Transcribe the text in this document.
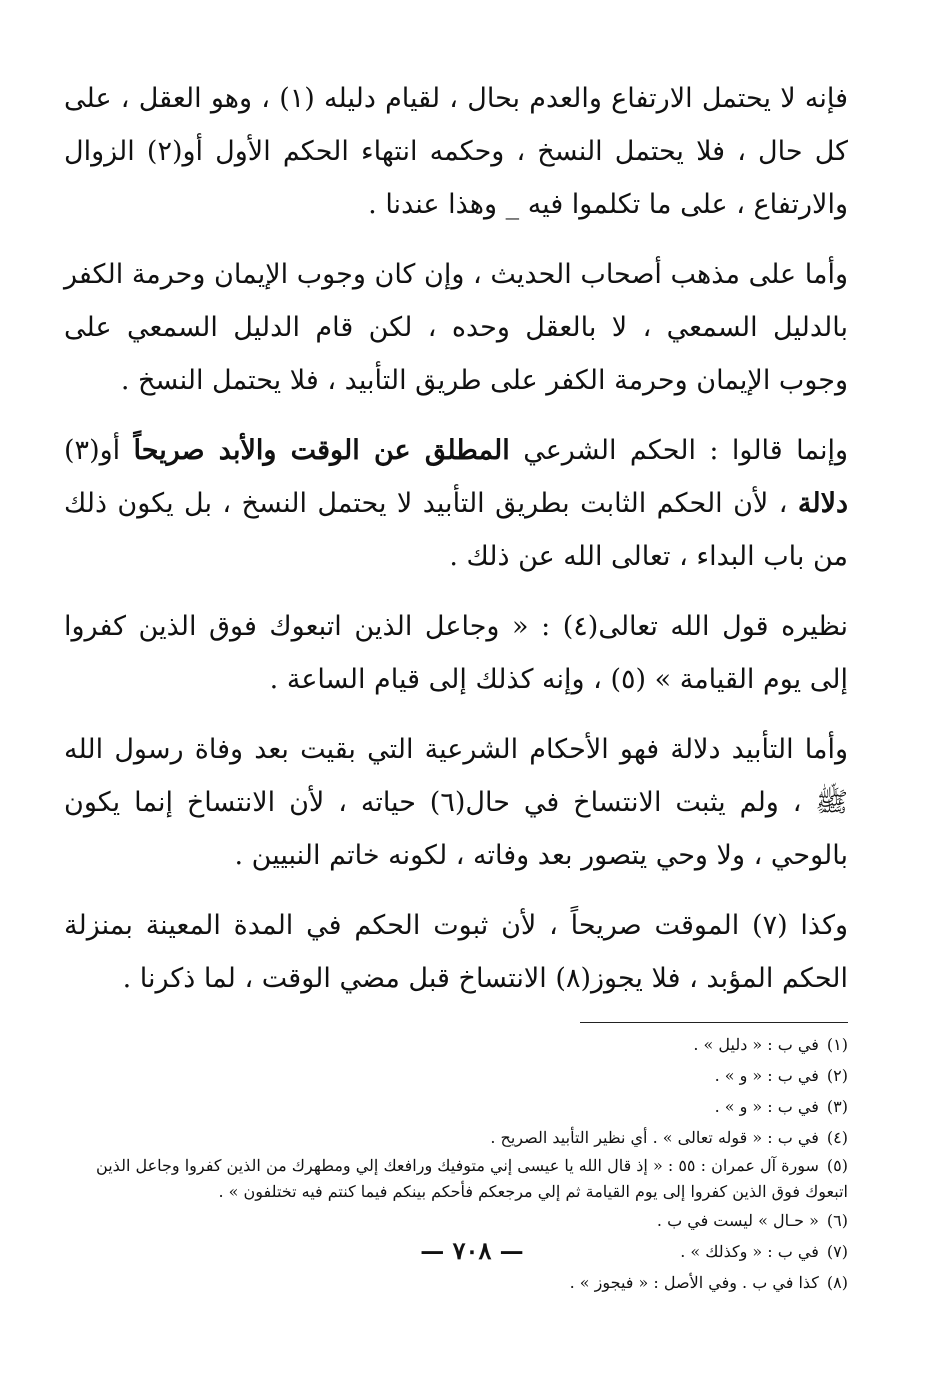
فإنه لا يحتمل الارتفاع والعدم بحال ، لقيام دليله (١) ، وهو العقل ، على كل حال ، فلا يحتمل النسخ ، وحكمه انتهاء الحكم الأول أو(٢) الزوال والارتفاع ، على ما تكلموا فيه _ وهذا عندنا .

وأما على مذهب أصحاب الحديث ، وإن كان وجوب الإيمان وحرمة الكفر بالدليل السمعي ، لا بالعقل وحده ، لكن قام الدليل السمعي على وجوب الإيمان وحرمة الكفر على طريق التأبيد ، فلا يحتمل النسخ .

وإنما قالوا : الحكم الشرعي المطلق عن الوقت والأبد صريحاً أو(٣) دلالة ، لأن الحكم الثابت بطريق التأبيد لا يحتمل النسخ ، بل يكون ذلك من باب البداء ، تعالى الله عن ذلك .

نظيره قول الله تعالى(٤) : « وجاعل الذين اتبعوك فوق الذين كفروا إلى يوم القيامة » (٥) ، وإنه كذلك إلى قيام الساعة .

وأما التأبيد دلالة فهو الأحكام الشرعية التي بقيت بعد وفاة رسول الله ﷺ ، ولم يثبت الانتساخ في حال(٦) حياته ، لأن الانتساخ إنما يكون بالوحي ، ولا وحي يتصور بعد وفاته ، لكونه خاتم النبيين .

وكذا (٧) الموقت صريحاً ، لأن ثبوت الحكم في المدة المعينة بمنزلة الحكم المؤبد ، فلا يجوز(٨) الانتساخ قبل مضي الوقت ، لما ذكرنا .

(١)في ب : « دليل » .

(٢)في ب : « و » .

(٣)في ب : « و » .

(٤)في ب : « قوله تعالى » . أي نظير التأبيد الصريح .

(٥)سورة آل عمران : ٥٥ : « إذ قال الله يا عيسى إني متوفيك ورافعك إلي ومطهرك من الذين كفروا وجاعل الذين اتبعوك فوق الذين كفروا إلى يوم القيامة ثم إلي مرجعكم فأحكم بينكم فيما كنتم فيه تختلفون » .

(٦)« حـال » ليست في ب .

(٧)في ب : « وكذلك » .

(٨)كذا في ب . وفي الأصل : « فيجوز » .

— ٧٠٨ —
